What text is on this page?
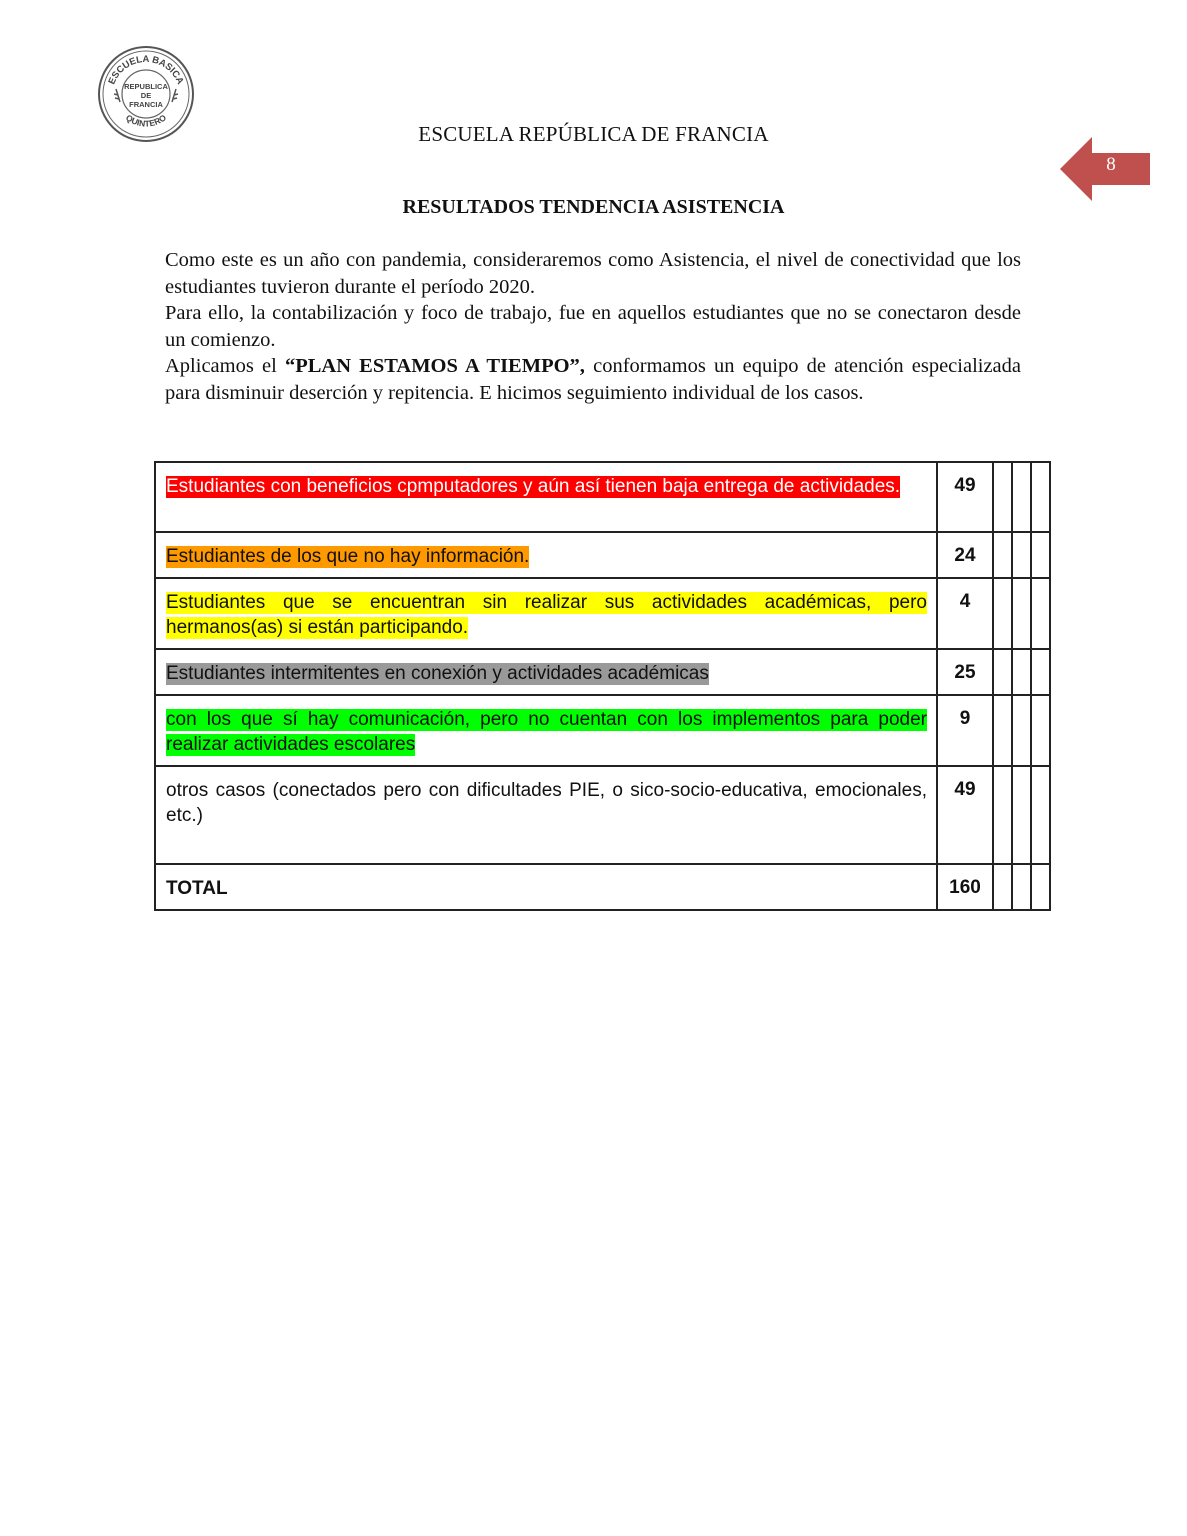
ESCUELA BASICA
QUINTERO
REPUBLICA
DE
FRANCIA
ESCUELA REPÚBLICA DE FRANCIA
8
RESULTADOS TENDENCIA ASISTENCIA

Como este es un año con pandemia, consideraremos como Asistencia, el nivel de conectividad que los estudiantes tuvieron durante el período 2020.

Para ello, la contabilización y foco de trabajo, fue en aquellos estudiantes que no se conectaron desde un comienzo.

Aplicamos el “PLAN ESTAMOS A TIEMPO”, conformamos un equipo de atención especializada para disminuir deserción y repitencia. E hicimos seguimiento individual de los casos.

Estudiantes con beneficios cpmputadores y aún así tienen baja entrega de actividades.	49			
Estudiantes de los que no hay información.	24			
Estudiantes que se encuentran sin realizar sus actividades académicas, pero hermanos(as) si están participando.	4			
Estudiantes intermitentes en conexión y actividades académicas	25			
con los que sí hay comunicación, pero no cuentan con los implementos para poder realizar actividades escolares	9			
otros casos (conectados pero con dificultades PIE, o sico-socio-educativa, emocionales, etc.)	49			
TOTAL	160			
